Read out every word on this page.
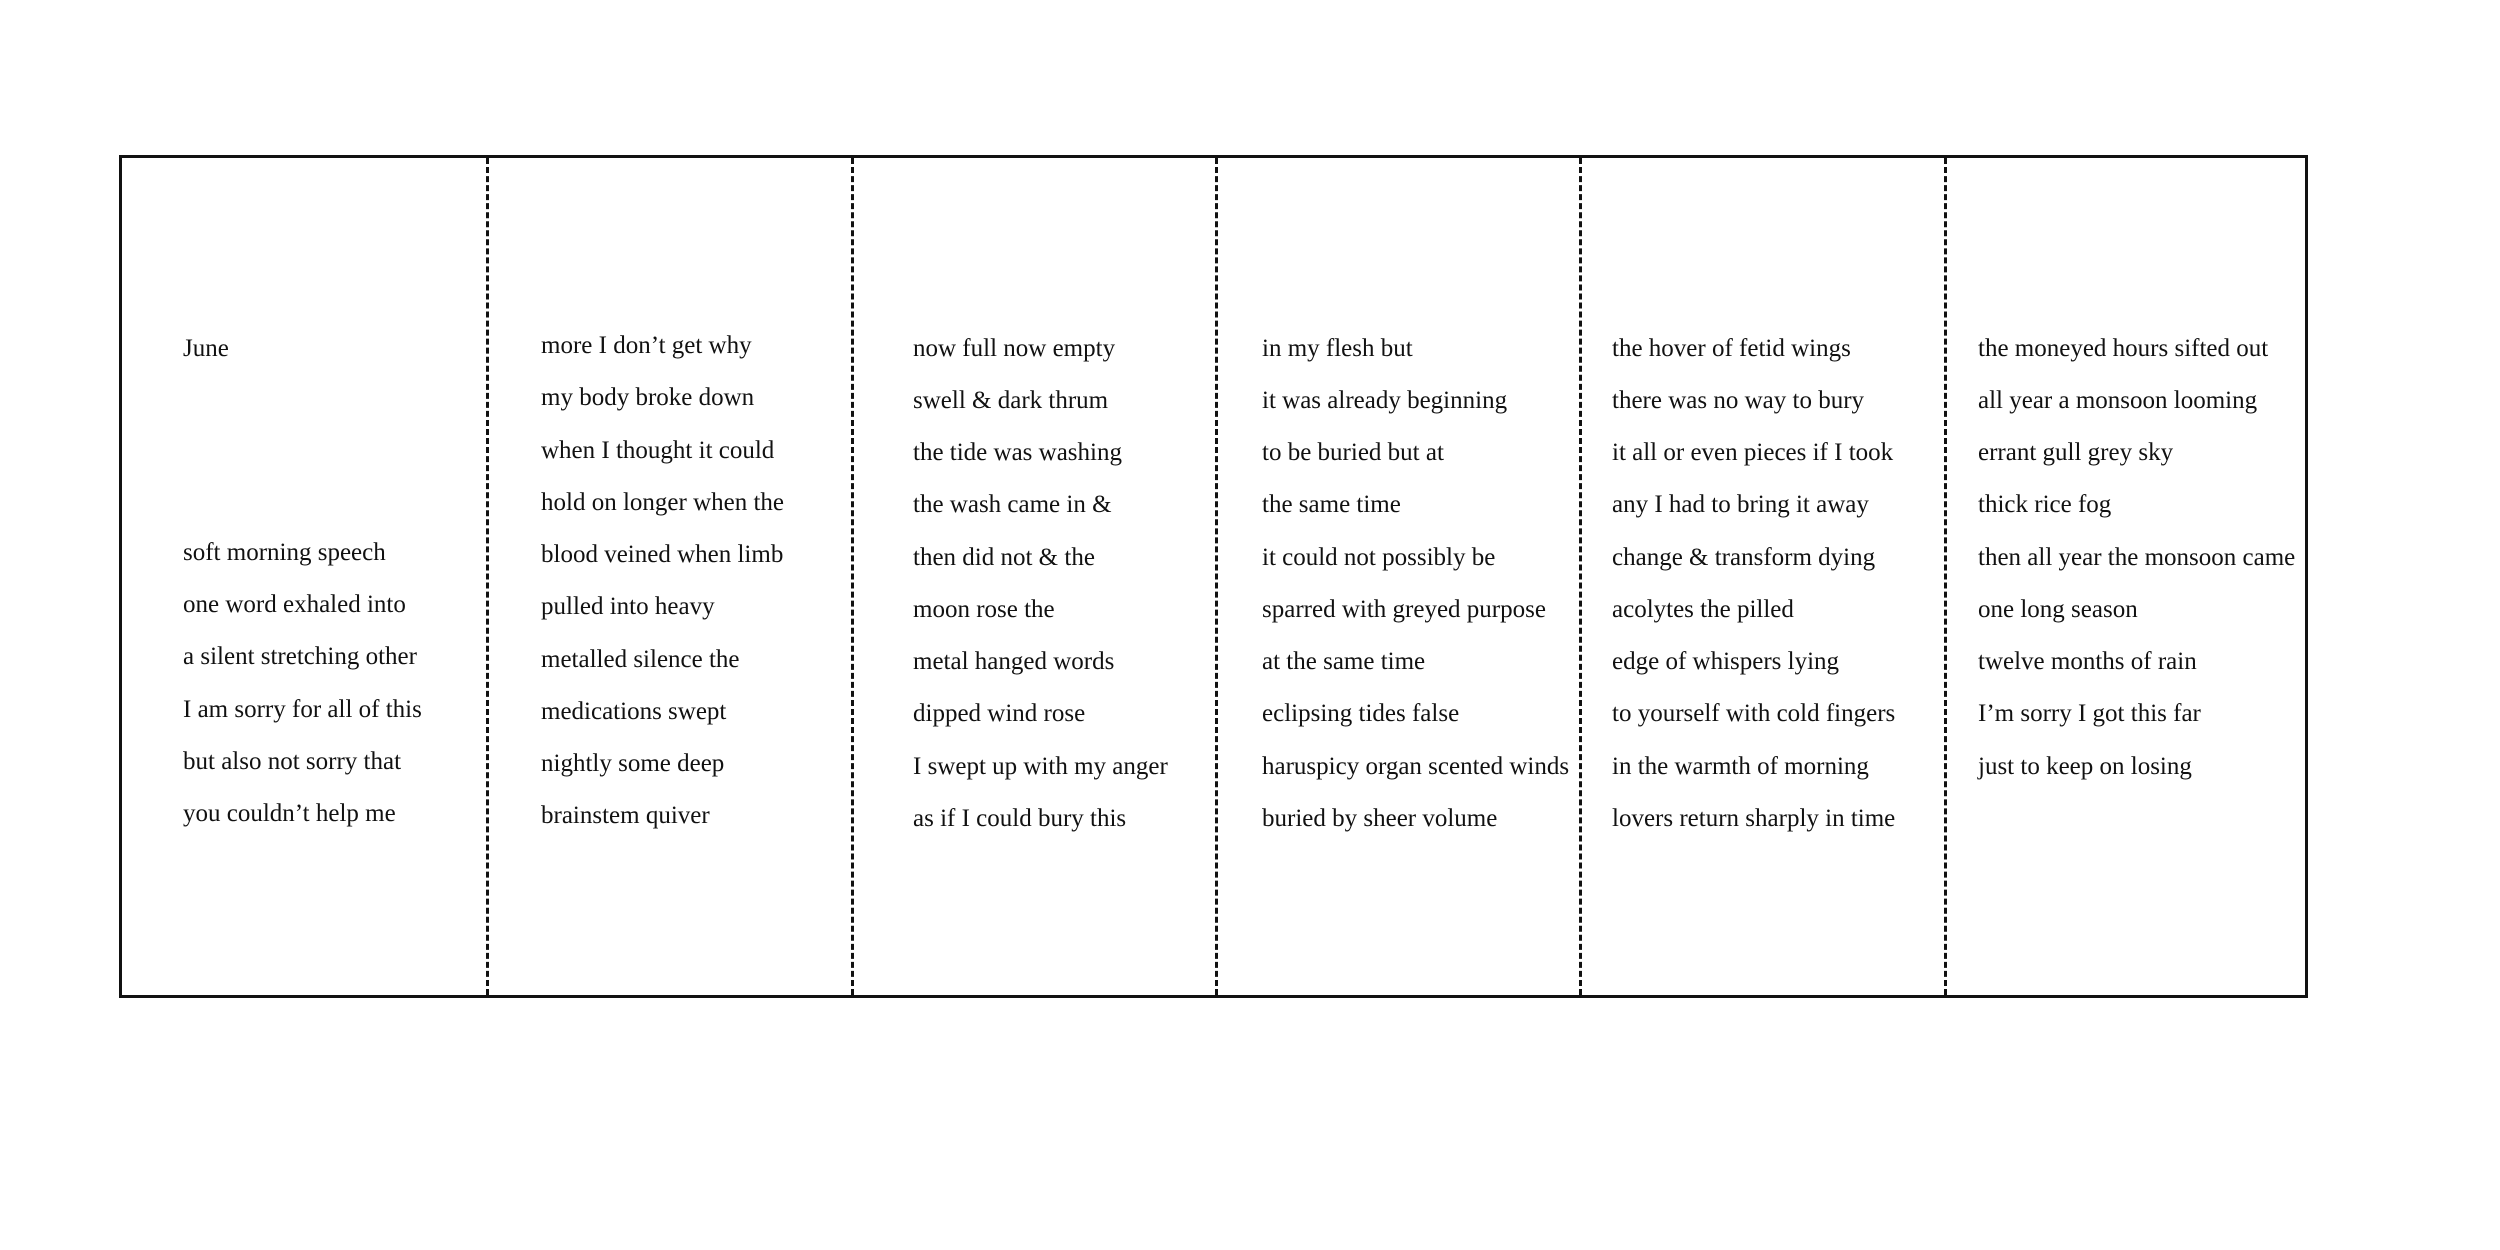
June
soft morning speech
one word exhaled into
a silent stretching other
I am sorry for all of this
but also not sorry that
you couldn’t help me
more I don’t get why
my body broke down
when I thought it could
hold on longer when the
blood veined when limb
pulled into heavy
metalled silence the
medications swept
nightly some deep
brainstem quiver
now full now empty
swell & dark thrum
the tide was washing
the wash came in &
then did not & the
moon rose the
metal hanged words
dipped wind rose
I swept up with my anger
as if I could bury this
in my flesh but
it was already beginning
to be buried but at
the same time
it could not possibly be
sparred with greyed purpose
at the same time
eclipsing tides false
haruspicy organ scented winds
buried by sheer volume
the hover of fetid wings
there was no way to bury
it all or even pieces if I took
any I had to bring it away
change & transform dying
acolytes the pilled
edge of whispers lying
to yourself with cold fingers
in the warmth of morning
lovers return sharply in time
the moneyed hours sifted out
all year a monsoon looming
errant gull grey sky
thick rice fog
then all year the monsoon came
one long season
twelve months of rain
I’m sorry I got this far
just to keep on losing
